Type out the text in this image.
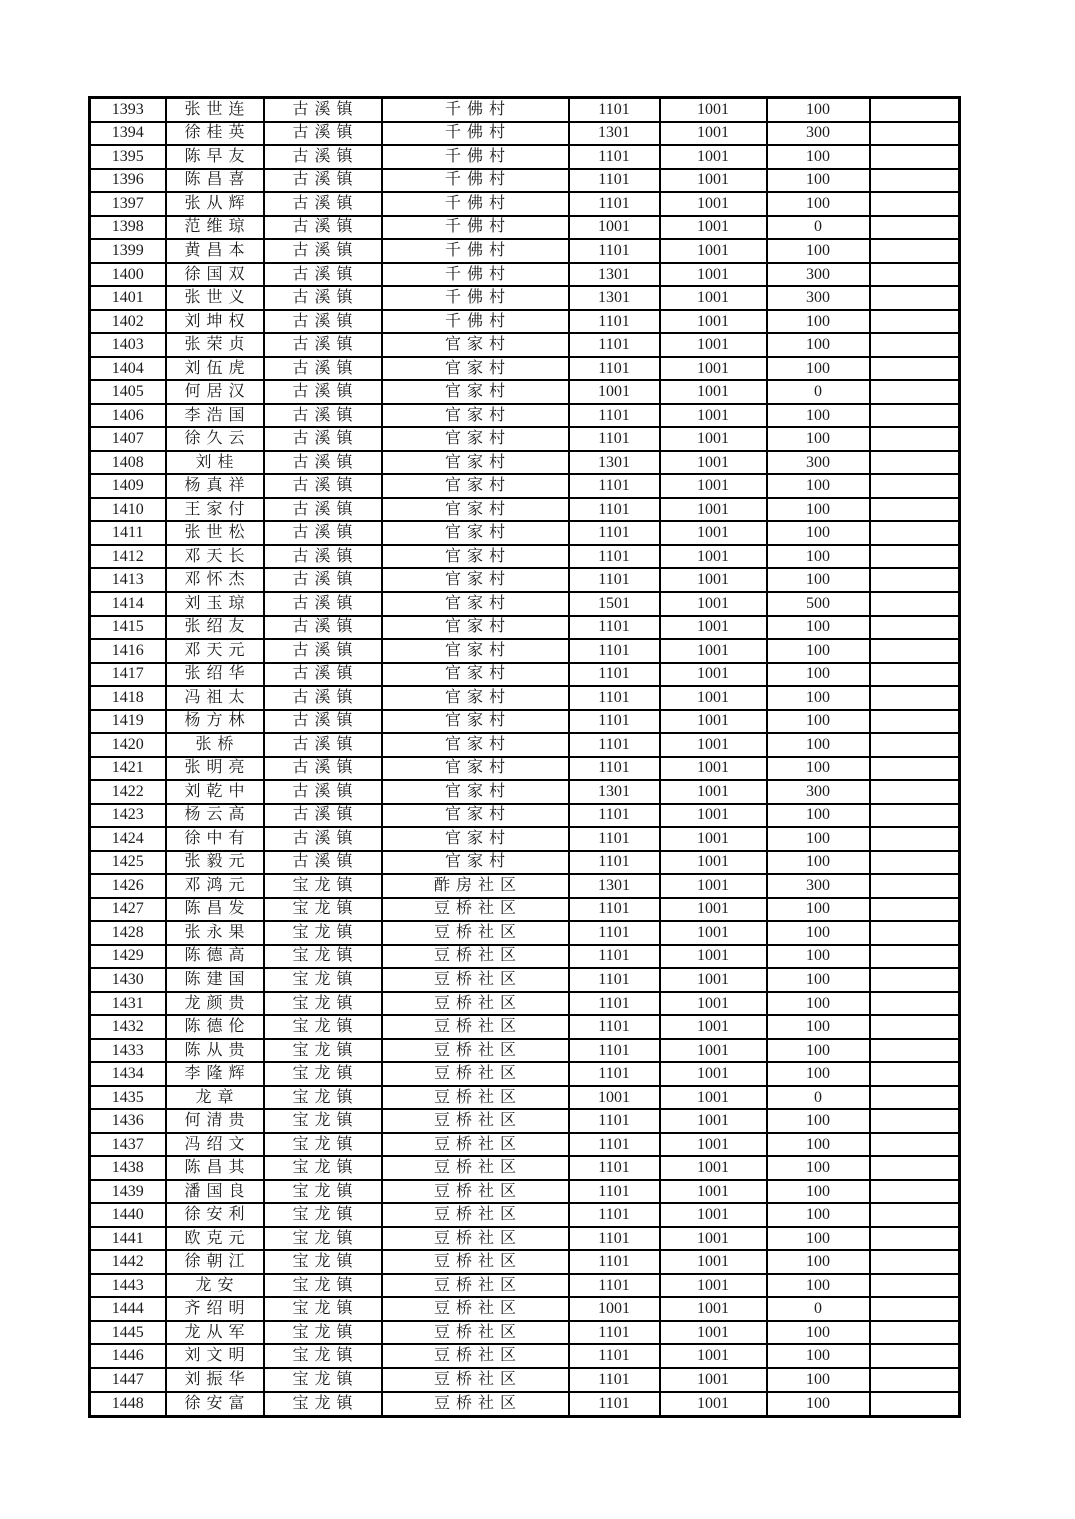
1393	张世连	古溪镇	千佛村	1101	1001	100	
1394	徐桂英	古溪镇	千佛村	1301	1001	300	
1395	陈早友	古溪镇	千佛村	1101	1001	100	
1396	陈昌喜	古溪镇	千佛村	1101	1001	100	
1397	张从辉	古溪镇	千佛村	1101	1001	100	
1398	范维琼	古溪镇	千佛村	1001	1001	0	
1399	黄昌本	古溪镇	千佛村	1101	1001	100	
1400	徐国双	古溪镇	千佛村	1301	1001	300	
1401	张世义	古溪镇	千佛村	1301	1001	300	
1402	刘坤权	古溪镇	千佛村	1101	1001	100	
1403	张荣贞	古溪镇	官家村	1101	1001	100	
1404	刘伍虎	古溪镇	官家村	1101	1001	100	
1405	何居汉	古溪镇	官家村	1001	1001	0	
1406	李浩国	古溪镇	官家村	1101	1001	100	
1407	徐久云	古溪镇	官家村	1101	1001	100	
1408	刘桂	古溪镇	官家村	1301	1001	300	
1409	杨真祥	古溪镇	官家村	1101	1001	100	
1410	王家付	古溪镇	官家村	1101	1001	100	
1411	张世松	古溪镇	官家村	1101	1001	100	
1412	邓天长	古溪镇	官家村	1101	1001	100	
1413	邓怀杰	古溪镇	官家村	1101	1001	100	
1414	刘玉琼	古溪镇	官家村	1501	1001	500	
1415	张绍友	古溪镇	官家村	1101	1001	100	
1416	邓天元	古溪镇	官家村	1101	1001	100	
1417	张绍华	古溪镇	官家村	1101	1001	100	
1418	冯祖太	古溪镇	官家村	1101	1001	100	
1419	杨方林	古溪镇	官家村	1101	1001	100	
1420	张桥	古溪镇	官家村	1101	1001	100	
1421	张明亮	古溪镇	官家村	1101	1001	100	
1422	刘乾中	古溪镇	官家村	1301	1001	300	
1423	杨云高	古溪镇	官家村	1101	1001	100	
1424	徐中有	古溪镇	官家村	1101	1001	100	
1425	张毅元	古溪镇	官家村	1101	1001	100	
1426	邓鸿元	宝龙镇	酢房社区	1301	1001	300	
1427	陈昌发	宝龙镇	豆桥社区	1101	1001	100	
1428	张永果	宝龙镇	豆桥社区	1101	1001	100	
1429	陈德高	宝龙镇	豆桥社区	1101	1001	100	
1430	陈建国	宝龙镇	豆桥社区	1101	1001	100	
1431	龙颜贵	宝龙镇	豆桥社区	1101	1001	100	
1432	陈德伦	宝龙镇	豆桥社区	1101	1001	100	
1433	陈从贵	宝龙镇	豆桥社区	1101	1001	100	
1434	李隆辉	宝龙镇	豆桥社区	1101	1001	100	
1435	龙章	宝龙镇	豆桥社区	1001	1001	0	
1436	何清贵	宝龙镇	豆桥社区	1101	1001	100	
1437	冯绍文	宝龙镇	豆桥社区	1101	1001	100	
1438	陈昌其	宝龙镇	豆桥社区	1101	1001	100	
1439	潘国良	宝龙镇	豆桥社区	1101	1001	100	
1440	徐安利	宝龙镇	豆桥社区	1101	1001	100	
1441	欧克元	宝龙镇	豆桥社区	1101	1001	100	
1442	徐朝江	宝龙镇	豆桥社区	1101	1001	100	
1443	龙安	宝龙镇	豆桥社区	1101	1001	100	
1444	齐绍明	宝龙镇	豆桥社区	1001	1001	0	
1445	龙从军	宝龙镇	豆桥社区	1101	1001	100	
1446	刘文明	宝龙镇	豆桥社区	1101	1001	100	
1447	刘振华	宝龙镇	豆桥社区	1101	1001	100	
1448	徐安富	宝龙镇	豆桥社区	1101	1001	100	
